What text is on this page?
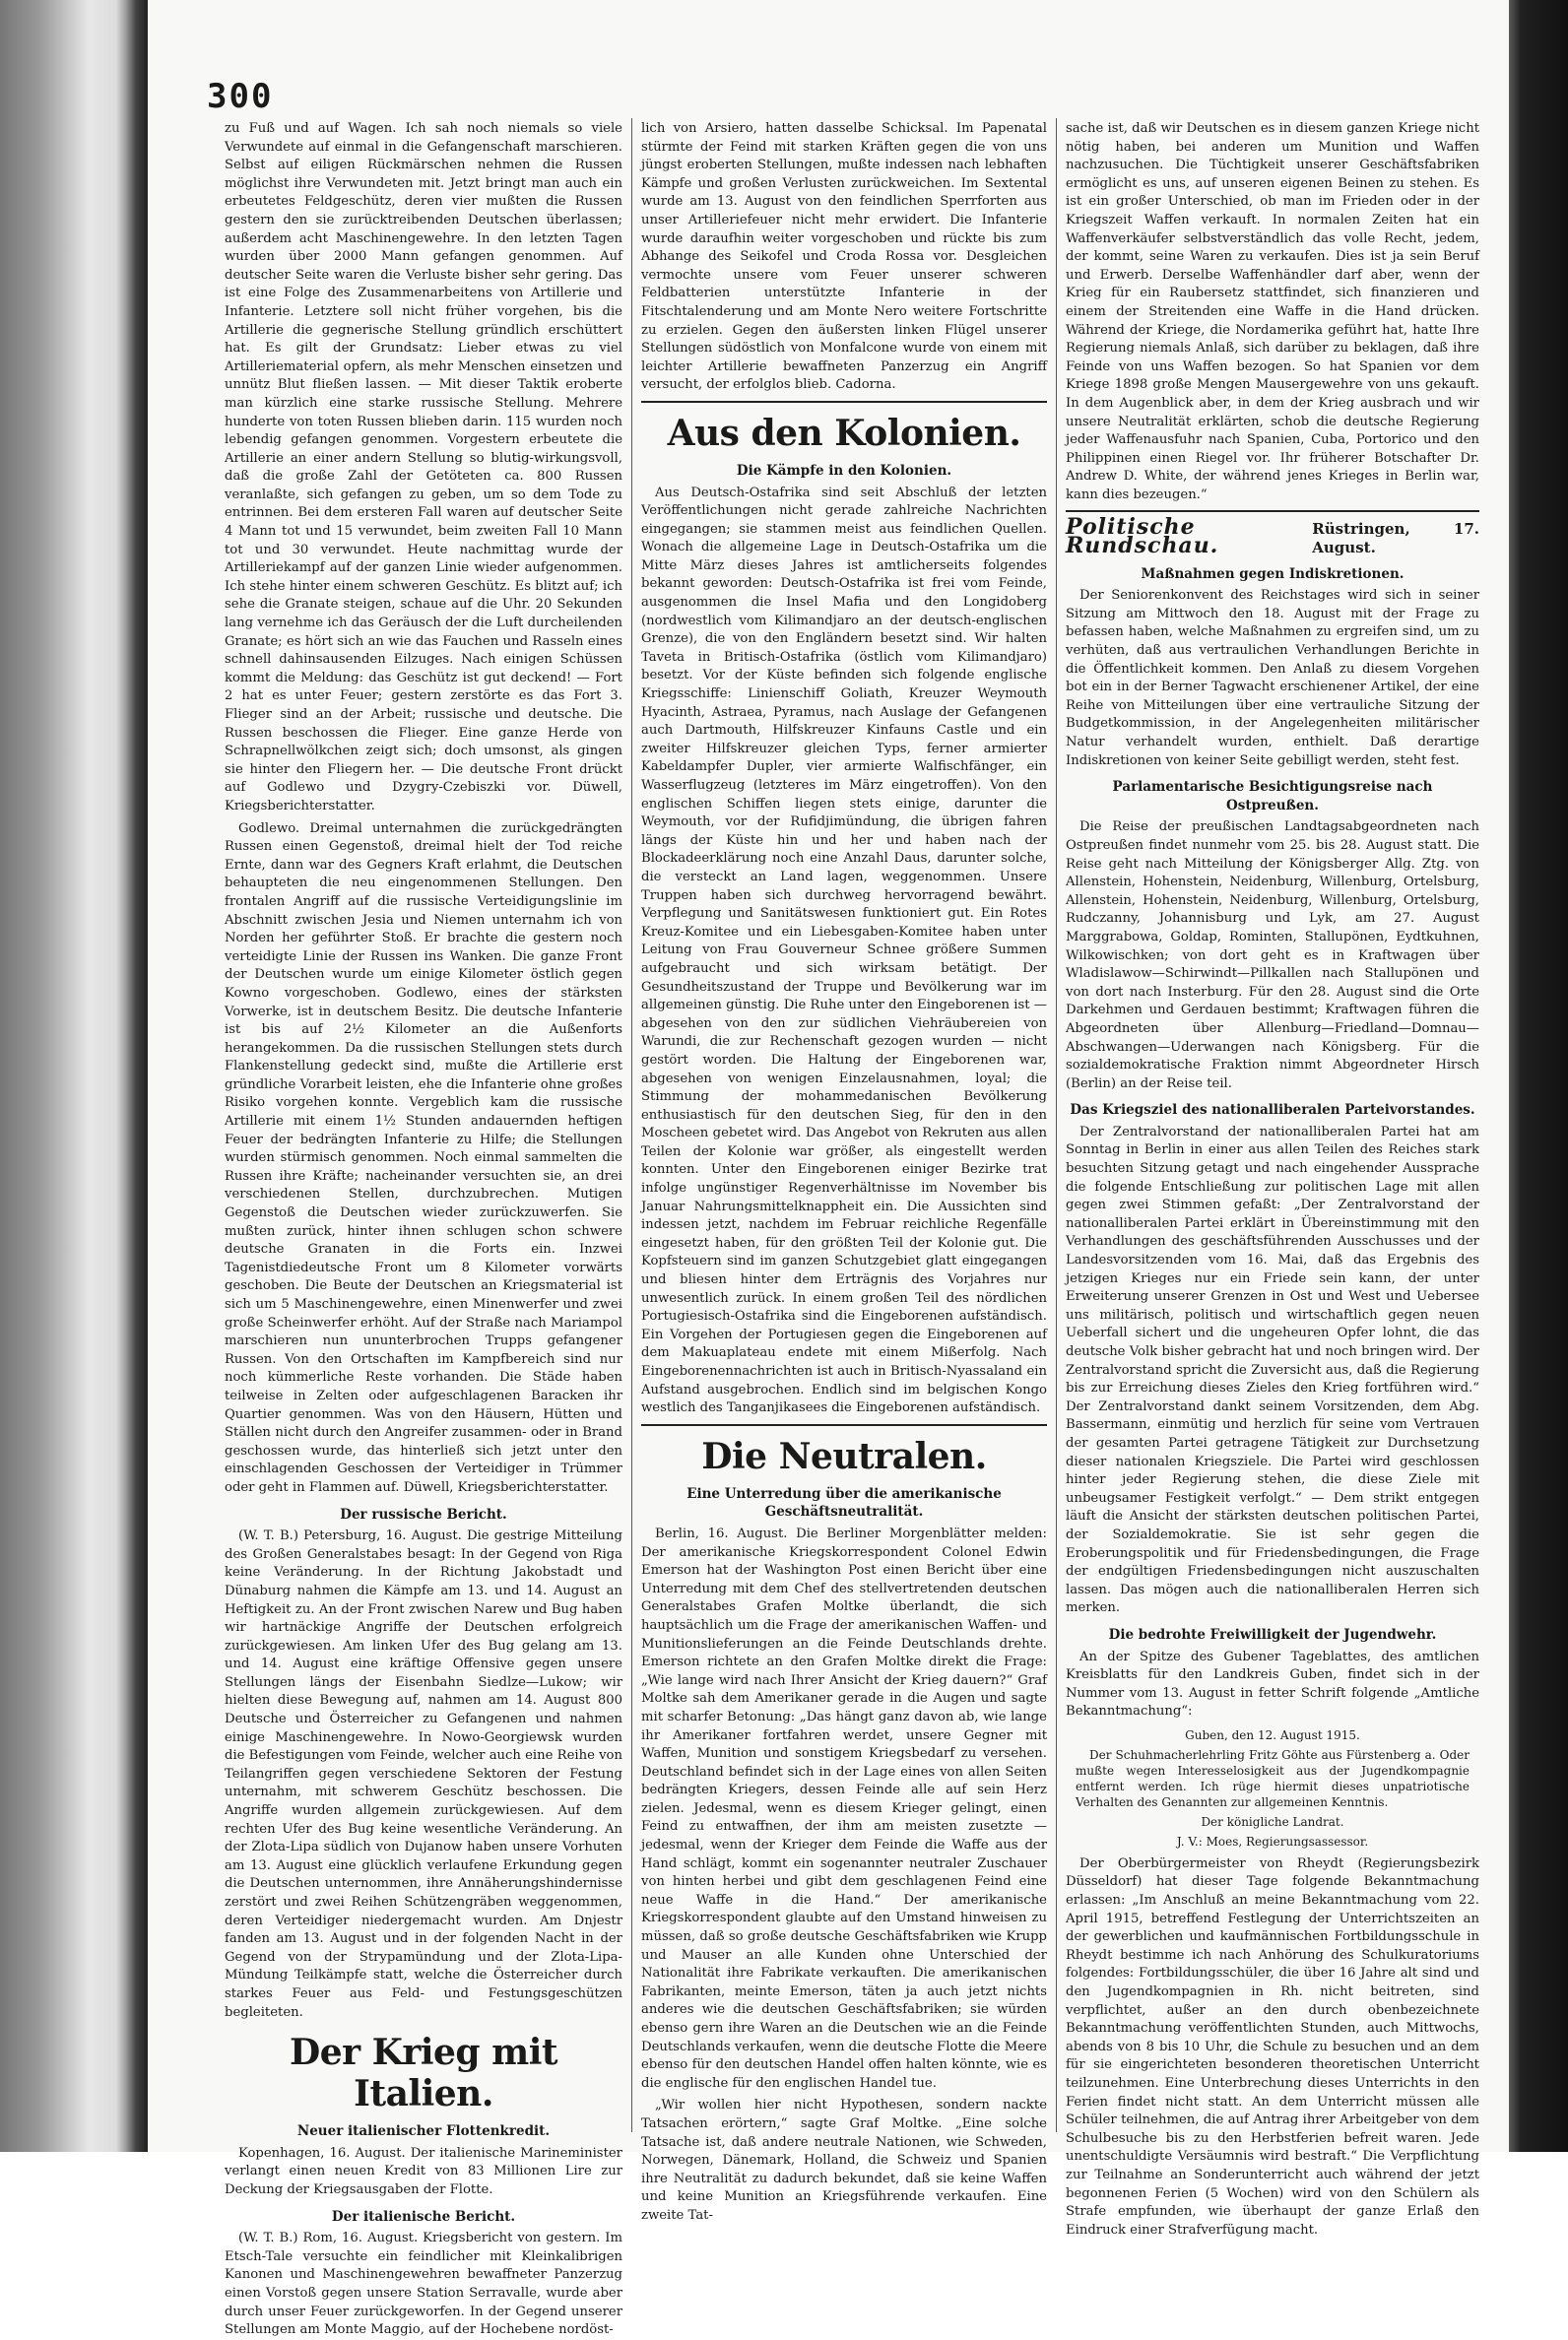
300

zu Fuß und auf Wagen. Ich sah noch niemals so viele Verwundete auf einmal in die Gefangenschaft marschieren. Selbst auf eiligen Rückmärschen nehmen die Russen möglichst ihre Verwundeten mit. Jetzt bringt man auch ein erbeutetes Feldgeschütz, deren vier mußten die Russen gestern den sie zurücktreibenden Deutschen überlassen; außerdem acht Maschinengewehre. In den letzten Tagen wurden über 2000 Mann gefangen genommen. Auf deutscher Seite waren die Verluste bisher sehr gering. Das ist eine Folge des Zusammenarbeitens von Artillerie und Infanterie. Letztere soll nicht früher vorgehen, bis die Artillerie die gegnerische Stellung gründlich erschüttert hat. Es gilt der Grundsatz: Lieber etwas zu viel Artilleriematerial opfern, als mehr Menschen einsetzen und unnütz Blut fließen lassen. — Mit dieser Taktik eroberte man kürzlich eine starke russische Stellung. Mehrere hunderte von toten Russen blieben darin. 115 wurden noch lebendig gefangen genommen. Vorgestern erbeutete die Artillerie an einer andern Stellung so blutig-wirkungsvoll, daß die große Zahl der Getöteten ca. 800 Russen veranlaßte, sich gefangen zu geben, um so dem Tode zu entrinnen. Bei dem ersteren Fall waren auf deutscher Seite 4 Mann tot und 15 verwundet, beim zweiten Fall 10 Mann tot und 30 verwundet. Heute nachmittag wurde der Artilleriekampf auf der ganzen Linie wieder aufgenommen. Ich stehe hinter einem schweren Geschütz. Es blitzt auf; ich sehe die Granate steigen, schaue auf die Uhr. 20 Sekunden lang vernehme ich das Geräusch der die Luft durcheilenden Granate; es hört sich an wie das Fauchen und Rasseln eines schnell dahinsausenden Eilzuges. Nach einigen Schüssen kommt die Meldung: das Geschütz ist gut deckend! — Fort 2 hat es unter Feuer; gestern zerstörte es das Fort 3. Flieger sind an der Arbeit; russische und deutsche. Die Russen beschossen die Flieger. Eine ganze Herde von Schrapnellwölkchen zeigt sich; doch umsonst, als gingen sie hinter den Fliegern her. — Die deutsche Front drückt auf Godlewo und Dzygry-Czebiszki vor. Düwell, Kriegsberichterstatter.

Godlewo. Dreimal unternahmen die zurückgedrängten Russen einen Gegenstoß, dreimal hielt der Tod reiche Ernte, dann war des Gegners Kraft erlahmt, die Deutschen behaupteten die neu eingenommenen Stellungen. Den frontalen Angriff auf die russische Verteidigungslinie im Abschnitt zwischen Jesia und Niemen unternahm ich von Norden her geführter Stoß. Er brachte die gestern noch verteidigte Linie der Russen ins Wanken. Die ganze Front der Deutschen wurde um einige Kilometer östlich gegen Kowno vorgeschoben. Godlewo, eines der stärksten Vorwerke, ist in deutschem Besitz. Die deutsche Infanterie ist bis auf 2½ Kilometer an die Außenforts herangekommen. Da die russischen Stellungen stets durch Flankenstellung gedeckt sind, mußte die Artillerie erst gründliche Vorarbeit leisten, ehe die Infanterie ohne großes Risiko vorgehen konnte. Vergeblich kam die russische Artillerie mit einem 1½ Stunden andauernden heftigen Feuer der bedrängten Infanterie zu Hilfe; die Stellungen wurden stürmisch genommen. Noch einmal sammelten die Russen ihre Kräfte; nacheinander versuchten sie, an drei verschiedenen Stellen, durchzubrechen. Mutigen Gegenstoß die Deutschen wieder zurückzuwerfen. Sie mußten zurück, hinter ihnen schlugen schon schwere deutsche Granaten in die Forts ein. Inzwei Tagenistdiedeutsche Front um 8 Kilometer vorwärts geschoben. Die Beute der Deutschen an Kriegsmaterial ist sich um 5 Maschinengewehre, einen Minenwerfer und zwei große Scheinwerfer erhöht. Auf der Straße nach Mariampol marschieren nun ununterbrochen Trupps gefangener Russen. Von den Ortschaften im Kampfbereich sind nur noch kümmerliche Reste vorhanden. Die Städe haben teilweise in Zelten oder aufgeschlagenen Baracken ihr Quartier genommen. Was von den Häusern, Hütten und Ställen nicht durch den Angreifer zusammen- oder in Brand geschossen wurde, das hinterließ sich jetzt unter den einschlagenden Geschossen der Verteidiger in Trümmer oder geht in Flammen auf. Düwell, Kriegsberichterstatter.

Der russische Bericht.

(W. T. B.) Petersburg, 16. August. Die gestrige Mitteilung des Großen Generalstabes besagt: In der Gegend von Riga keine Veränderung. In der Richtung Jakobstadt und Dünaburg nahmen die Kämpfe am 13. und 14. August an Heftigkeit zu. An der Front zwischen Narew und Bug haben wir hartnäckige Angriffe der Deutschen erfolgreich zurückgewiesen. Am linken Ufer des Bug gelang am 13. und 14. August eine kräftige Offensive gegen unsere Stellungen längs der Eisenbahn Siedlze—Lukow; wir hielten diese Bewegung auf, nahmen am 14. August 800 Deutsche und Österreicher zu Gefangenen und nahmen einige Maschinengewehre. In Nowo-Georgiewsk wurden die Befestigungen vom Feinde, welcher auch eine Reihe von Teilangriffen gegen verschiedene Sektoren der Festung unternahm, mit schwerem Geschütz beschossen. Die Angriffe wurden allgemein zurückgewiesen. Auf dem rechten Ufer des Bug keine wesentliche Veränderung. An der Zlota-Lipa südlich von Dujanow haben unsere Vorhuten am 13. August eine glücklich verlaufene Erkundung gegen die Deutschen unternommen, ihre Annäherungshindernisse zerstört und zwei Reihen Schützengräben weggenommen, deren Verteidiger niedergemacht wurden. Am Dnjestr fanden am 13. August und in der folgenden Nacht in der Gegend von der Strypamündung und der Zlota-Lipa-Mündung Teilkämpfe statt, welche die Österreicher durch starkes Feuer aus Feld- und Festungsgeschützen begleiteten.

Der Krieg mit Italien.
Neuer italienischer Flottenkredit.

Kopenhagen, 16. August. Der italienische Marineminister verlangt einen neuen Kredit von 83 Millionen Lire zur Deckung der Kriegsausgaben der Flotte.

Der italienische Bericht.

(W. T. B.) Rom, 16. August. Kriegsbericht von gestern. Im Etsch-Tale versuchte ein feindlicher mit Kleinkalibrigen Kanonen und Maschinengewehren bewaffneter Panzerzug einen Vorstoß gegen unsere Station Serravalle, wurde aber durch unser Feuer zurückgeworfen. In der Gegend unserer Stellungen am Monte Maggio, auf der Hochebene nordöst-

lich von Arsiero, hatten dasselbe Schicksal. Im Papenatal stürmte der Feind mit starken Kräften gegen die von uns jüngst eroberten Stellungen, mußte indessen nach lebhaften Kämpfe und großen Verlusten zurückweichen. Im Sextental wurde am 13. August von den feindlichen Sperrforten aus unser Artilleriefeuer nicht mehr erwidert. Die Infanterie wurde daraufhin weiter vorgeschoben und rückte bis zum Abhange des Seikofel und Croda Rossa vor. Desgleichen vermochte unsere vom Feuer unserer schweren Feldbatterien unterstützte Infanterie in der Fitschtalenderung und am Monte Nero weitere Fortschritte zu erzielen. Gegen den äußersten linken Flügel unserer Stellungen südöstlich von Monfalcone wurde von einem mit leichter Artillerie bewaffneten Panzerzug ein Angriff versucht, der erfolglos blieb. Cadorna.

Aus den Kolonien.
Die Kämpfe in den Kolonien.

Aus Deutsch-Ostafrika sind seit Abschluß der letzten Veröffentlichungen nicht gerade zahlreiche Nachrichten eingegangen; sie stammen meist aus feindlichen Quellen. Wonach die allgemeine Lage in Deutsch-Ostafrika um die Mitte März dieses Jahres ist amtlicherseits folgendes bekannt geworden: Deutsch-Ostafrika ist frei vom Feinde, ausgenommen die Insel Mafia und den Longidoberg (nordwestlich vom Kilimandjaro an der deutsch-englischen Grenze), die von den Engländern besetzt sind. Wir halten Taveta in Britisch-Ostafrika (östlich vom Kilimandjaro) besetzt. Vor der Küste befinden sich folgende englische Kriegsschiffe: Linienschiff Goliath, Kreuzer Weymouth Hyacinth, Astraea, Pyramus, nach Auslage der Gefangenen auch Dartmouth, Hilfskreuzer Kinfauns Castle und ein zweiter Hilfskreuzer gleichen Typs, ferner armierter Kabeldampfer Dupler, vier armierte Walfischfänger, ein Wasserflugzeug (letzteres im März eingetroffen). Von den englischen Schiffen liegen stets einige, darunter die Weymouth, vor der Rufidjimündung, die übrigen fahren längs der Küste hin und her und haben nach der Blockadeerklärung noch eine Anzahl Daus, darunter solche, die versteckt an Land lagen, weggenommen. Unsere Truppen haben sich durchweg hervorragend bewährt. Verpflegung und Sanitätswesen funktioniert gut. Ein Rotes Kreuz-Komitee und ein Liebesgaben-Komitee haben unter Leitung von Frau Gouverneur Schnee größere Summen aufgebraucht und sich wirksam betätigt. Der Gesundheitszustand der Truppe und Bevölkerung war im allgemeinen günstig. Die Ruhe unter den Eingeborenen ist — abgesehen von den zur südlichen Viehräubereien von Warundi, die zur Rechenschaft gezogen wurden — nicht gestört worden. Die Haltung der Eingeborenen war, abgesehen von wenigen Einzelausnahmen, loyal; die Stimmung der mohammedanischen Bevölkerung enthusiastisch für den deutschen Sieg, für den in den Moscheen gebetet wird. Das Angebot von Rekruten aus allen Teilen der Kolonie war größer, als eingestellt werden konnten. Unter den Eingeborenen einiger Bezirke trat infolge ungünstiger Regenverhältnisse im November bis Januar Nahrungsmittelknappheit ein. Die Aussichten sind indessen jetzt, nachdem im Februar reichliche Regenfälle eingesetzt haben, für den größten Teil der Kolonie gut. Die Kopfsteuern sind im ganzen Schutzgebiet glatt eingegangen und bliesen hinter dem Erträgnis des Vorjahres nur unwesentlich zurück. In einem großen Teil des nördlichen Portugiesisch-Ostafrika sind die Eingeborenen aufständisch. Ein Vorgehen der Portugiesen gegen die Eingeborenen auf dem Makuaplateau endete mit einem Mißerfolg. Nach Eingeborenennachrichten ist auch in Britisch-Nyassaland ein Aufstand ausgebrochen. Endlich sind im belgischen Kongo westlich des Tanganjikasees die Eingeborenen aufständisch.

Die Neutralen.
Eine Unterredung über die amerikanische Geschäftsneutralität.

Berlin, 16. August. Die Berliner Morgenblätter melden: Der amerikanische Kriegskorrespondent Colonel Edwin Emerson hat der Washington Post einen Bericht über eine Unterredung mit dem Chef des stellvertretenden deutschen Generalstabes Grafen Moltke überlandt, die sich hauptsächlich um die Frage der amerikanischen Waffen- und Munitionslieferungen an die Feinde Deutschlands drehte. Emerson richtete an den Grafen Moltke direkt die Frage: „Wie lange wird nach Ihrer Ansicht der Krieg dauern?“ Graf Moltke sah dem Amerikaner gerade in die Augen und sagte mit scharfer Betonung: „Das hängt ganz davon ab, wie lange ihr Amerikaner fortfahren werdet, unsere Gegner mit Waffen, Munition und sonstigem Kriegsbedarf zu versehen. Deutschland befindet sich in der Lage eines von allen Seiten bedrängten Kriegers, dessen Feinde alle auf sein Herz zielen. Jedesmal, wenn es diesem Krieger gelingt, einen Feind zu entwaffnen, der ihm am meisten zusetzte — jedesmal, wenn der Krieger dem Feinde die Waffe aus der Hand schlägt, kommt ein sogenannter neutraler Zuschauer von hinten herbei und gibt dem geschlagenen Feind eine neue Waffe in die Hand.“ Der amerikanische Kriegskorrespondent glaubte auf den Umstand hinweisen zu müssen, daß so große deutsche Geschäftsfabriken wie Krupp und Mauser an alle Kunden ohne Unterschied der Nationalität ihre Fabrikate verkauften. Die amerikanischen Fabrikanten, meinte Emerson, täten ja auch jetzt nichts anderes wie die deutschen Geschäftsfabriken; sie würden ebenso gern ihre Waren an die Deutschen wie an die Feinde Deutschlands verkaufen, wenn die deutsche Flotte die Meere ebenso für den deutschen Handel offen halten könnte, wie es die englische für den englischen Handel tue.

„Wir wollen hier nicht Hypothesen, sondern nackte Tatsachen erörtern,“ sagte Graf Moltke. „Eine solche Tatsache ist, daß andere neutrale Nationen, wie Schweden, Norwegen, Dänemark, Holland, die Schweiz und Spanien ihre Neutralität zu dadurch bekundet, daß sie keine Waffen und keine Munition an Kriegsführende verkaufen. Eine zweite Tat-

sache ist, daß wir Deutschen es in diesem ganzen Kriege nicht nötig haben, bei anderen um Munition und Waffen nachzusuchen. Die Tüchtigkeit unserer Geschäftsfabriken ermöglicht es uns, auf unseren eigenen Beinen zu stehen. Es ist ein großer Unterschied, ob man im Frieden oder in der Kriegszeit Waffen verkauft. In normalen Zeiten hat ein Waffenverkäufer selbstverständlich das volle Recht, jedem, der kommt, seine Waren zu verkaufen. Dies ist ja sein Beruf und Erwerb. Derselbe Waffenhändler darf aber, wenn der Krieg für ein Raubersetz stattfindet, sich finanzieren und einem der Streitenden eine Waffe in die Hand drücken. Während der Kriege, die Nordamerika geführt hat, hatte Ihre Regierung niemals Anlaß, sich darüber zu beklagen, daß ihre Feinde von uns Waffen bezogen. So hat Spanien vor dem Kriege 1898 große Mengen Mausergewehre von uns gekauft. In dem Augenblick aber, in dem der Krieg ausbrach und wir unsere Neutralität erklärten, schob die deutsche Regierung jeder Waffenausfuhr nach Spanien, Cuba, Portorico und den Philippinen einen Riegel vor. Ihr früherer Botschafter Dr. Andrew D. White, der während jenes Krieges in Berlin war, kann dies bezeugen.“

Politische Rundschau.
Rüstringen, 17. August.
Maßnahmen gegen Indiskretionen.

Der Seniorenkonvent des Reichstages wird sich in seiner Sitzung am Mittwoch den 18. August mit der Frage zu befassen haben, welche Maßnahmen zu ergreifen sind, um zu verhüten, daß aus vertraulichen Verhandlungen Berichte in die Öffentlichkeit kommen. Den Anlaß zu diesem Vorgehen bot ein in der Berner Tagwacht erschienener Artikel, der eine Reihe von Mitteilungen über eine vertrauliche Sitzung der Budgetkommission, in der Angelegenheiten militärischer Natur verhandelt wurden, enthielt. Daß derartige Indiskretionen von keiner Seite gebilligt werden, steht fest.

Parlamentarische Besichtigungsreise nach Ostpreußen.

Die Reise der preußischen Landtagsabgeordneten nach Ostpreußen findet nunmehr vom 25. bis 28. August statt. Die Reise geht nach Mitteilung der Königsberger Allg. Ztg. von Allenstein, Hohenstein, Neidenburg, Willenburg, Ortelsburg, Allenstein, Hohenstein, Neidenburg, Willenburg, Ortelsburg, Rudczanny, Johannisburg und Lyk, am 27. August Marggrabowa, Goldap, Rominten, Stallupönen, Eydtkuhnen, Wilkowischken; von dort geht es in Kraftwagen über Wladislawow—Schirwindt—Pillkallen nach Stallupönen und von dort nach Insterburg. Für den 28. August sind die Orte Darkehmen und Gerdauen bestimmt; Kraftwagen führen die Abgeordneten über Allenburg—Friedland—Domnau—Abschwangen—Uderwangen nach Königsberg. Für die sozialdemokratische Fraktion nimmt Abgeordneter Hirsch (Berlin) an der Reise teil.

Das Kriegsziel des nationalliberalen Parteivorstandes.

Der Zentralvorstand der nationalliberalen Partei hat am Sonntag in Berlin in einer aus allen Teilen des Reiches stark besuchten Sitzung getagt und nach eingehender Aussprache die folgende Entschließung zur politischen Lage mit allen gegen zwei Stimmen gefaßt: „Der Zentralvorstand der nationalliberalen Partei erklärt in Übereinstimmung mit den Verhandlungen des geschäftsführenden Ausschusses und der Landesvorsitzenden vom 16. Mai, daß das Ergebnis des jetzigen Krieges nur ein Friede sein kann, der unter Erweiterung unserer Grenzen in Ost und West und Uebersee uns militärisch, politisch und wirtschaftlich gegen neuen Ueberfall sichert und die ungeheuren Opfer lohnt, die das deutsche Volk bisher gebracht hat und noch bringen wird. Der Zentralvorstand spricht die Zuversicht aus, daß die Regierung bis zur Erreichung dieses Zieles den Krieg fortführen wird.“ Der Zentralvorstand dankt seinem Vorsitzenden, dem Abg. Bassermann, einmütig und herzlich für seine vom Vertrauen der gesamten Partei getragene Tätigkeit zur Durchsetzung dieser nationalen Kriegsziele. Die Partei wird geschlossen hinter jeder Regierung stehen, die diese Ziele mit unbeugsamer Festigkeit verfolgt.“ — Dem strikt entgegen läuft die Ansicht der stärksten deutschen politischen Partei, der Sozialdemokratie. Sie ist sehr gegen die Eroberungspolitik und für Friedensbedingungen, die Frage der endgültigen Friedensbedingungen nicht auszuschalten lassen. Das mögen auch die nationalliberalen Herren sich merken.

Die bedrohte Freiwilligkeit der Jugendwehr.

An der Spitze des Gubener Tageblattes, des amtlichen Kreisblatts für den Landkreis Guben, findet sich in der Nummer vom 13. August in fetter Schrift folgende „Amtliche Bekanntmachung“:

Guben, den 12. August 1915.

Der Schuhmacherlehrling Fritz Göhte aus Fürstenberg a. Oder mußte wegen Interesselosigkeit aus der Jugendkompagnie entfernt werden. Ich rüge hiermit dieses unpatriotische Verhalten des Genannten zur allgemeinen Kenntnis.

Der königliche Landrat.

J. V.: Moes, Regierungsassessor.

Der Oberbürgermeister von Rheydt (Regierungsbezirk Düsseldorf) hat dieser Tage folgende Bekanntmachung erlassen: „Im Anschluß an meine Bekanntmachung vom 22. April 1915, betreffend Festlegung der Unterrichtszeiten an der gewerblichen und kaufmännischen Fortbildungsschule in Rheydt bestimme ich nach Anhörung des Schulkuratoriums folgendes: Fortbildungsschüler, die über 16 Jahre alt sind und den Jugendkompagnien in Rh. nicht beitreten, sind verpflichtet, außer an den durch obenbezeichnete Bekanntmachung veröffentlichten Stunden, auch Mittwochs, abends von 8 bis 10 Uhr, die Schule zu besuchen und an dem für sie eingerichteten besonderen theoretischen Unterricht teilzunehmen. Eine Unterbrechung dieses Unterrichts in den Ferien findet nicht statt. An dem Unterricht müssen alle Schüler teilnehmen, die auf Antrag ihrer Arbeitgeber von dem Schulbesuche bis zu den Herbstferien befreit waren. Jede unentschuldigte Versäumnis wird bestraft.“ Die Verpflichtung zur Teilnahme an Sonderunterricht auch während der jetzt begonnenen Ferien (5 Wochen) wird von den Schülern als Strafe empfunden, wie überhaupt der ganze Erlaß den Eindruck einer Strafverfügung macht.
